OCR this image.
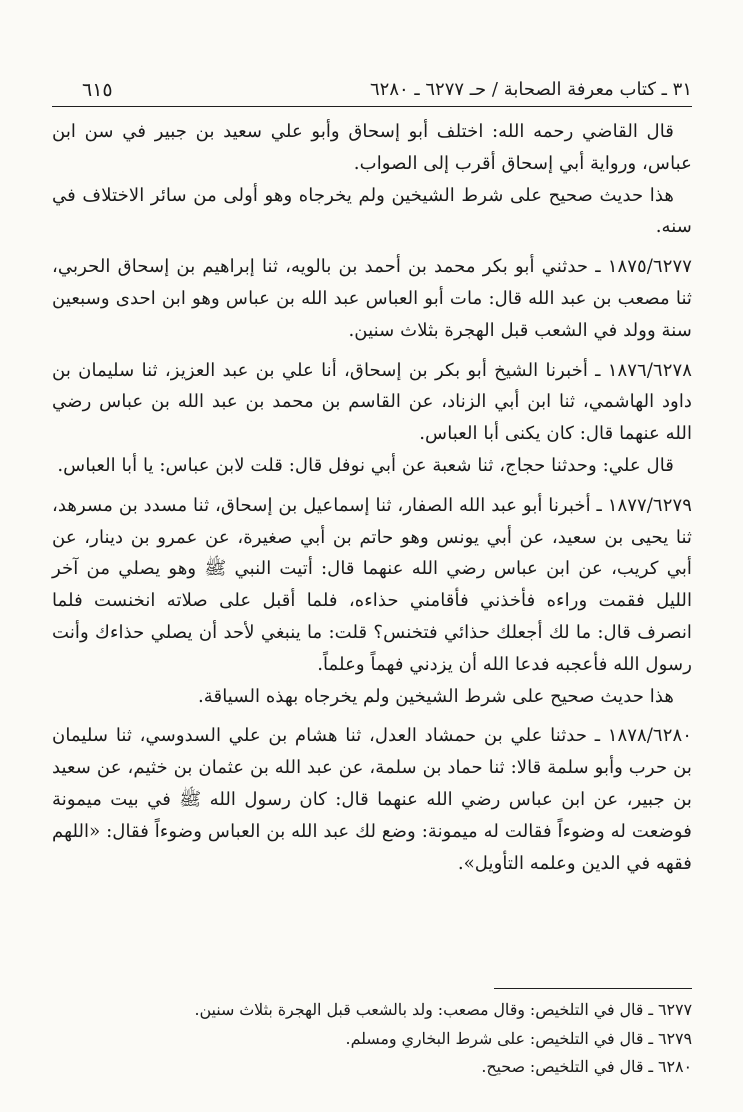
٣١ ـ كتاب معرفة الصحابة / حـ ٦٢٧٧ ـ ٦٢٨٠
٦١٥

قال القاضي رحمه الله: اختلف أبو إسحاق وأبو علي سعيد بن جبير في سن ابن عباس، ورواية أبي إسحاق أقرب إلى الصواب.

هذا حديث صحيح على شرط الشيخين ولم يخرجاه وهو أولى من سائر الاختلاف في سنه.

١٨٧٥/٦٢٧٧ ـ حدثني أبو بكر محمد بن أحمد بن بالويه، ثنا إبراهيم بن إسحاق الحربي، ثنا مصعب بن عبد الله قال: مات أبو العباس عبد الله بن عباس وهو ابن احدى وسبعين سنة وولد في الشعب قبل الهجرة بثلاث سنين.

١٨٧٦/٦٢٧٨ ـ أخبرنا الشيخ أبو بكر بن إسحاق، أنا علي بن عبد العزيز، ثنا سليمان بن داود الهاشمي، ثنا ابن أبي الزناد، عن القاسم بن محمد بن عبد الله بن عباس رضي الله عنهما قال: كان يكنى أبا العباس.

قال علي: وحدثنا حجاج، ثنا شعبة عن أبي نوفل قال: قلت لابن عباس: يا أبا العباس.

١٨٧٧/٦٢٧٩ ـ أخبرنا أبو عبد الله الصفار، ثنا إسماعيل بن إسحاق، ثنا مسدد بن مسرهد، ثنا يحيى بن سعيد، عن أبي يونس وهو حاتم بن أبي صغيرة، عن عمرو بن دينار، عن أبي كريب، عن ابن عباس رضي الله عنهما قال: أتيت النبي ﷺ وهو يصلي من آخر الليل فقمت وراءه فأخذني فأقامني حذاءه، فلما أقبل على صلاته انخنست فلما انصرف قال: ما لك أجعلك حذائي فتخنس؟ قلت: ما ينبغي لأحد أن يصلي حذاءك وأنت رسول الله فأعجبه فدعا الله أن يزدني فهماً وعلماً.

هذا حديث صحيح على شرط الشيخين ولم يخرجاه بهذه السياقة.

١٨٧٨/٦٢٨٠ ـ حدثنا علي بن حمشاد العدل، ثنا هشام بن علي السدوسي، ثنا سليمان بن حرب وأبو سلمة قالا: ثنا حماد بن سلمة، عن عبد الله بن عثمان بن خثيم، عن سعيد بن جبير، عن ابن عباس رضي الله عنهما قال: كان رسول الله ﷺ في بيت ميمونة فوضعت له وضوءاً فقالت له ميمونة: وضع لك عبد الله بن العباس وضوءاً فقال: «اللهم فقهه في الدين وعلمه التأويل».

٦٢٧٧ ـ قال في التلخيص: وقال مصعب: ولد بالشعب قبل الهجرة بثلاث سنين.

٦٢٧٩ ـ قال في التلخيص: على شرط البخاري ومسلم.

٦٢٨٠ ـ قال في التلخيص: صحيح.
